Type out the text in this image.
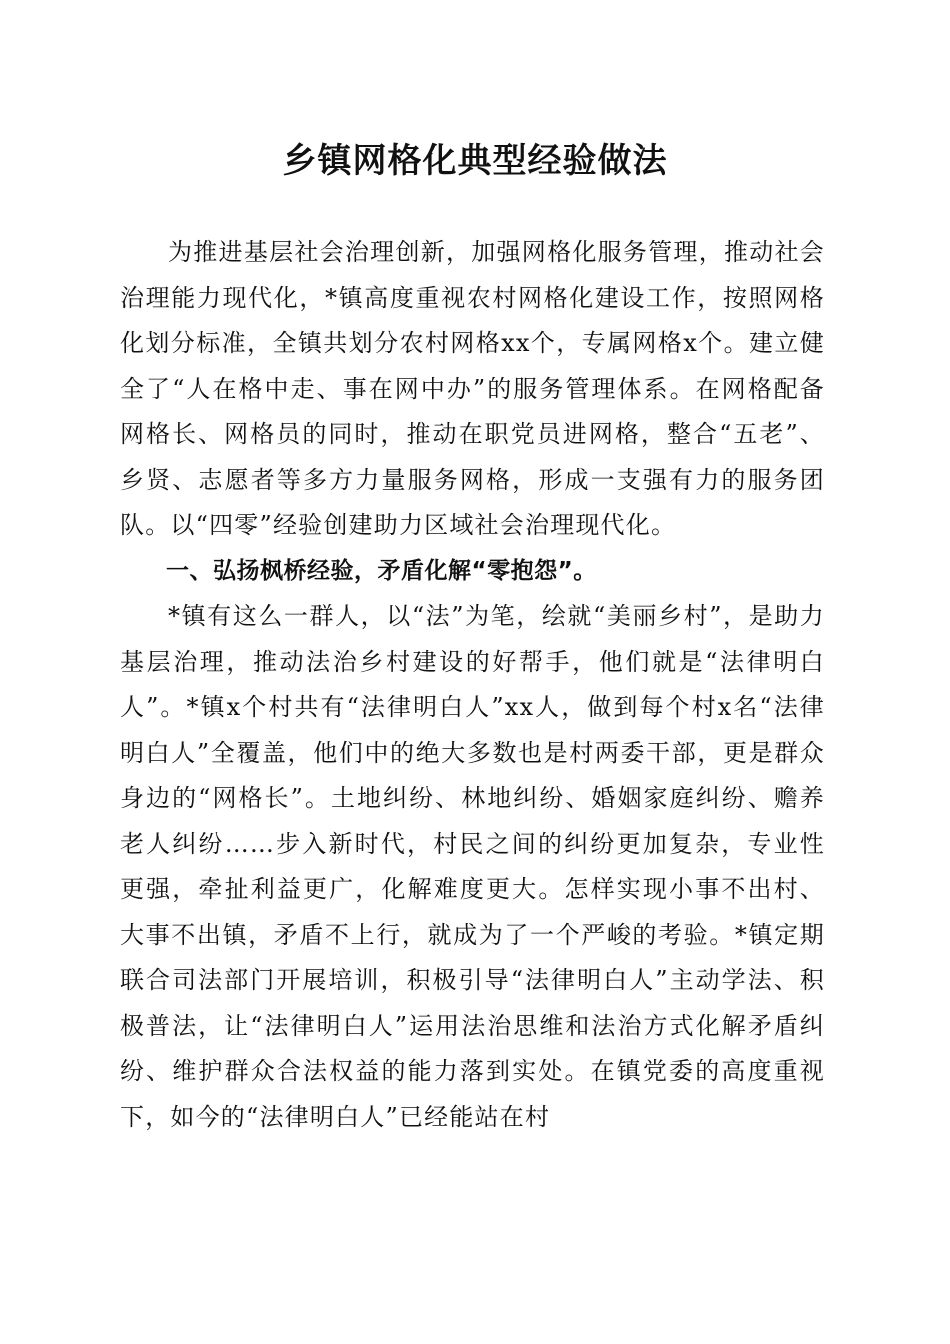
乡镇网格化典型经验做法

为推进基层社会治理创新，加强网格化服务管理，推动社会治理能力现代化，*镇高度重视农村网格化建设工作，按照网格化划分标准，全镇共划分农村网格xx个，专属网格x个。建立健全了“人在格中走、事在网中办”的服务管理体系。在网格配备网格长、网格员的同时，推动在职党员进网格，整合“五老”、乡贤、志愿者等多方力量服务网格，形成一支强有力的服务团队。以“四零”经验创建助力区域社会治理现代化。

一、弘扬枫桥经验，矛盾化解“零抱怨”。

*镇有这么一群人，以“法”为笔，绘就“美丽乡村”，是助力基层治理，推动法治乡村建设的好帮手，他们就是“法律明白人”。*镇x个村共有“法律明白人”xx人，做到每个村x名“法律明白人”全覆盖，他们中的绝大多数也是村两委干部，更是群众身边的“网格长”。土地纠纷、林地纠纷、婚姻家庭纠纷、赡养老人纠纷……步入新时代，村民之间的纠纷更加复杂，专业性更强，牵扯利益更广，化解难度更大。怎样实现小事不出村、大事不出镇，矛盾不上行，就成为了一个严峻的考验。*镇定期联合司法部门开展培训，积极引导“法律明白人”主动学法、积极普法，让“法律明白人”运用法治思维和法治方式化解矛盾纠纷、维护群众合法权益的能力落到实处。在镇党委的高度重视下，如今的“法律明白人”已经能站在村
